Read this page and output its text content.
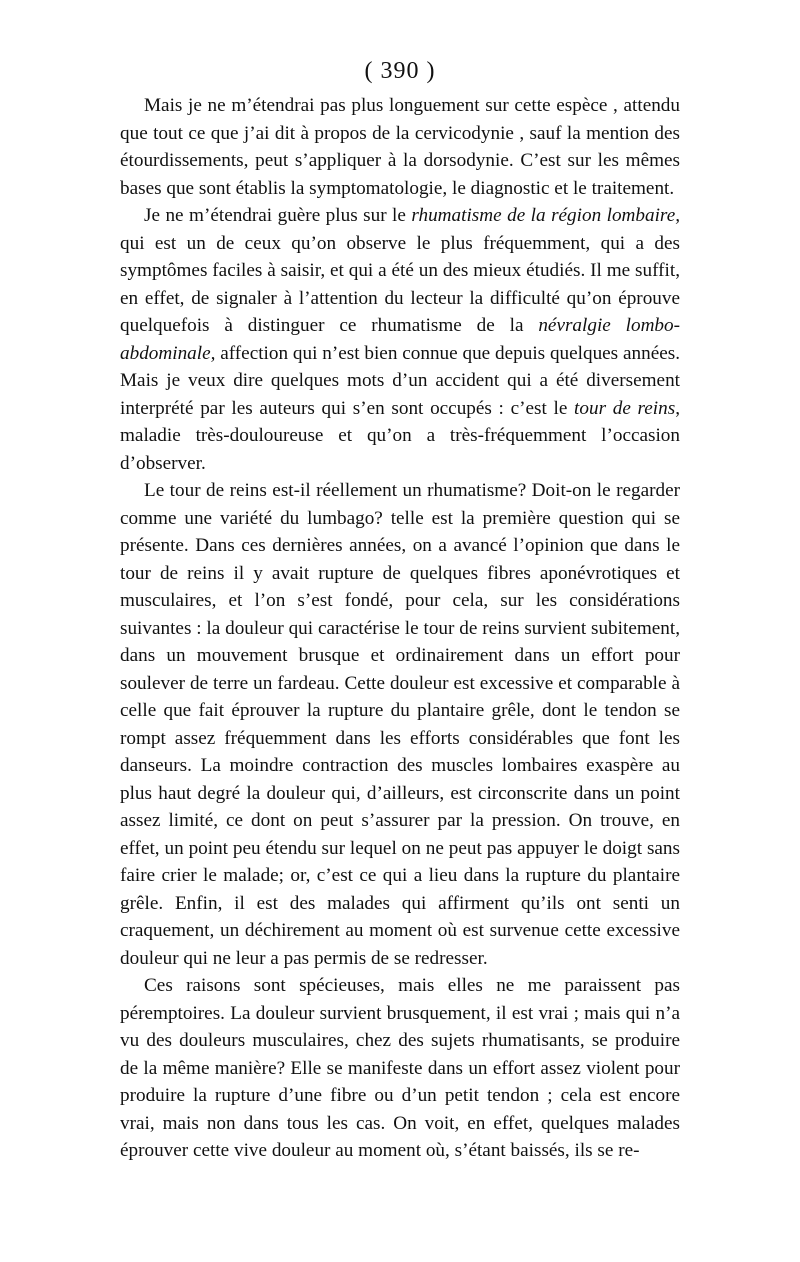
( 390 )

Mais je ne m’étendrai pas plus longuement sur cette espèce , attendu que tout ce que j’ai dit à propos de la cervicodynie , sauf la mention des étourdissements, peut s’appliquer à la dorsodynie. C’est sur les mêmes bases que sont établis la symptomatologie, le diagnostic et le traitement.

Je ne m’étendrai guère plus sur le rhumatisme de la région lombaire, qui est un de ceux qu’on observe le plus fréquemment, qui a des symptômes faciles à saisir, et qui a été un des mieux étudiés. Il me suffit, en effet, de signaler à l’attention du lecteur la difficulté qu’on éprouve quelquefois à distinguer ce rhumatisme de la névralgie lombo-abdominale, affection qui n’est bien connue que depuis quelques années. Mais je veux dire quelques mots d’un accident qui a été diversement interprété par les auteurs qui s’en sont occupés : c’est le tour de reins, maladie très-douloureuse et qu’on a très-fréquemment l’occasion d’observer.

Le tour de reins est-il réellement un rhumatisme? Doit-on le regarder comme une variété du lumbago? telle est la première question qui se présente. Dans ces dernières années, on a avancé l’opinion que dans le tour de reins il y avait rupture de quelques fibres aponévrotiques et musculaires, et l’on s’est fondé, pour cela, sur les considérations suivantes : la douleur qui caractérise le tour de reins survient subitement, dans un mouvement brusque et ordinairement dans un effort pour soulever de terre un fardeau. Cette douleur est excessive et comparable à celle que fait éprouver la rupture du plantaire grêle, dont le tendon se rompt assez fréquemment dans les efforts considérables que font les danseurs. La moindre contraction des muscles lombaires exaspère au plus haut degré la douleur qui, d’ailleurs, est circonscrite dans un point assez limité, ce dont on peut s’assurer par la pression. On trouve, en effet, un point peu étendu sur lequel on ne peut pas appuyer le doigt sans faire crier le malade; or, c’est ce qui a lieu dans la rupture du plantaire grêle. Enfin, il est des malades qui affirment qu’ils ont senti un craquement, un déchirement au moment où est survenue cette excessive douleur qui ne leur a pas permis de se redresser.

Ces raisons sont spécieuses, mais elles ne me paraissent pas péremptoires. La douleur survient brusquement, il est vrai ; mais qui n’a vu des douleurs musculaires, chez des sujets rhumatisants, se produire de la même manière? Elle se manifeste dans un effort assez violent pour produire la rupture d’une fibre ou d’un petit tendon ; cela est encore vrai, mais non dans tous les cas. On voit, en effet, quelques malades éprouver cette vive douleur au moment où, s’étant baissés, ils se re-
